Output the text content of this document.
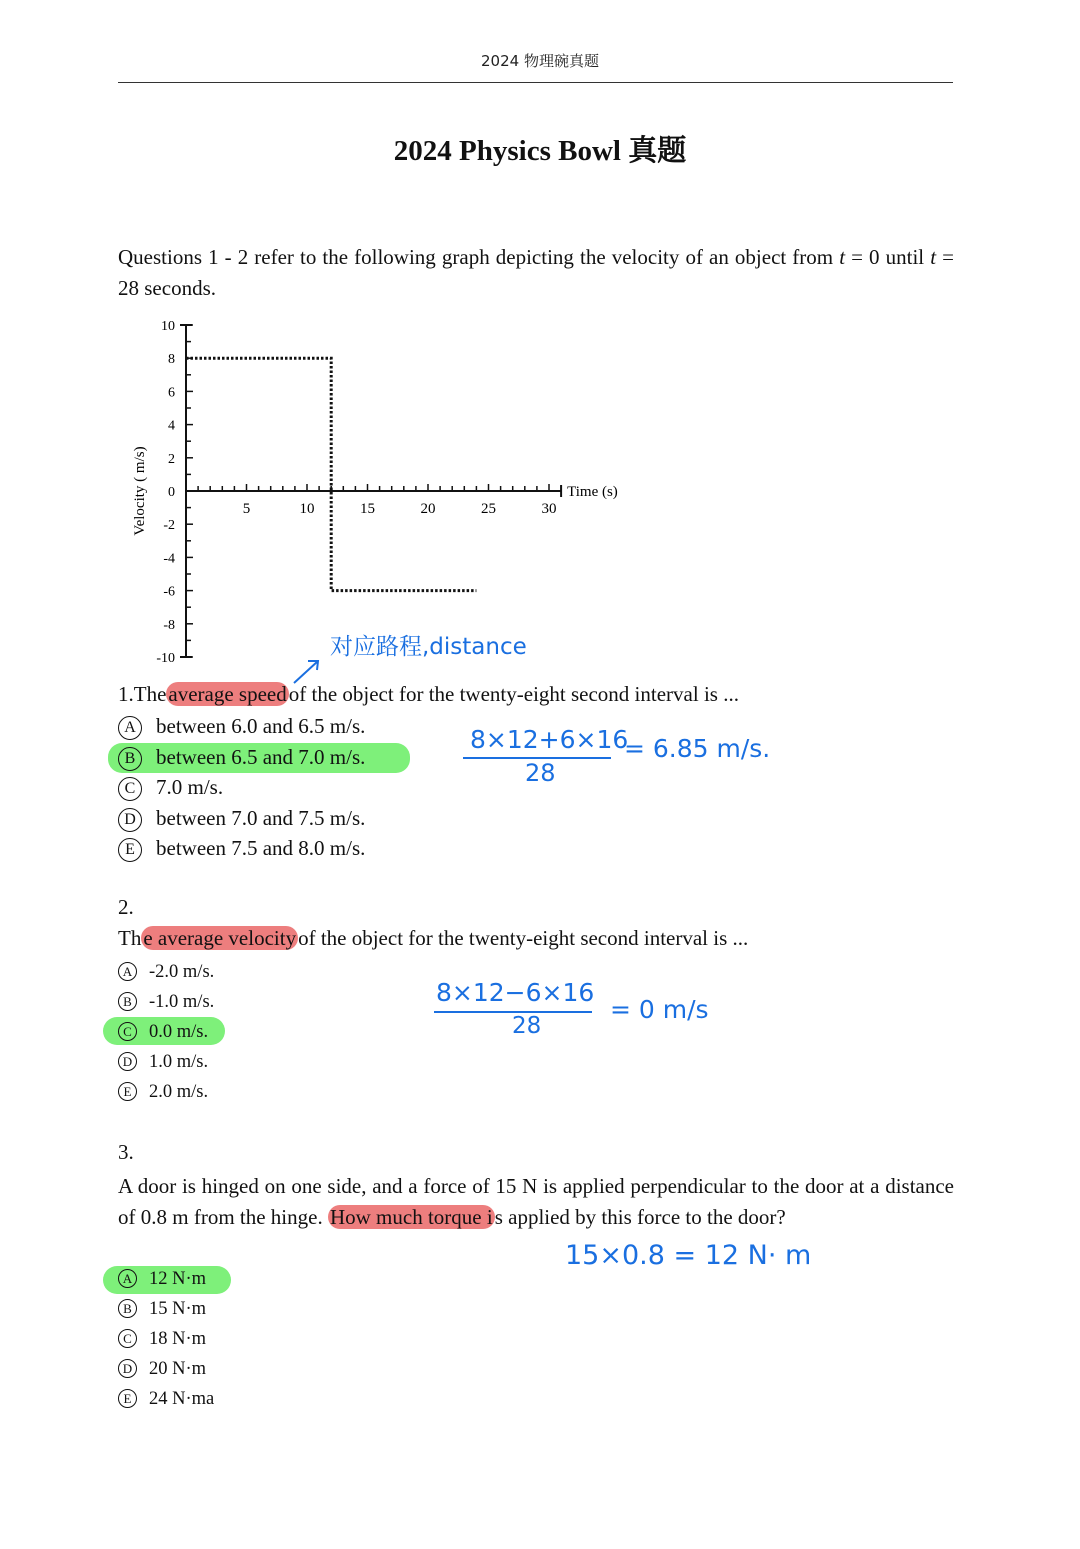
2024 物理碗真题
2024 Physics Bowl 真题
Questions 1 - 2 refer to the following graph depicting the velocity of an object from t = 0 until t = 28 seconds.
10
8
6
4
2
0
-2
-4
-6
-8
-10
5	10	15	20	25	30
Time (s)
Velocity ( m/s)
1.Theaverage speedof the object for the twenty-eight second interval is ...
A between 6.0 and 6.5 m/s.
B between 6.5 and 7.0 m/s.
C 7.0 m/s.
D between 7.0 and 7.5 m/s.
E between 7.5 and 8.0 m/s.
对应路程,distance
8×12+6×16
28
= 6.85 m/s.
2.
The average velocityof the object for the twenty-eight second interval is ...
A -2.0 m/s.
B -1.0 m/s.
C 0.0 m/s.
D 1.0 m/s.
E 2.0 m/s.
8×12−6×16
28
= 0 m/s
3.
A door is hinged on one side, and a force of 15 N is applied perpendicular to the door at a distance of 0.8 m from the hinge. How much torque is applied by this force to the door?
A 12 N·m
B 15 N·m
C 18 N·m
D 20 N·m
E 24 N·ma
15×0.8 = 12 N· m
